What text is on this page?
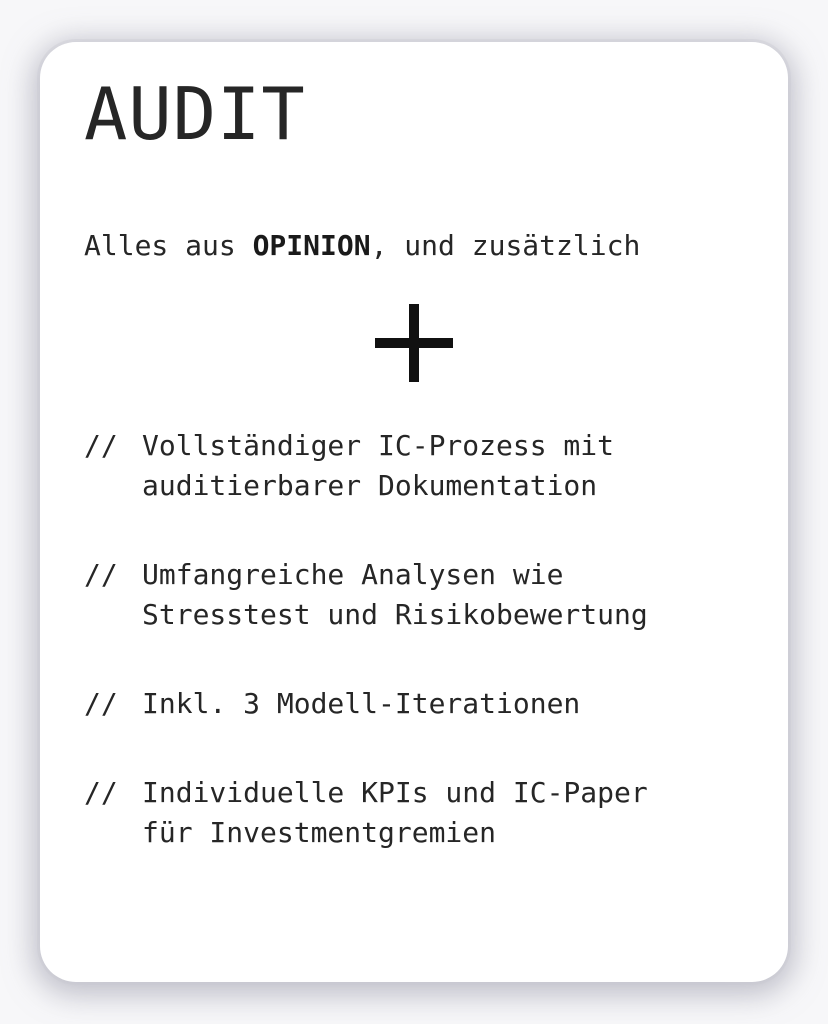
AUDIT
Alles aus OPINION, und zusätzlich
// Vollständiger IC-Prozess mit
auditierbarer Dokumentation
// Umfangreiche Analysen wie
Stresstest und Risikobewertung
// Inkl. 3 Modell-Iterationen
// Individuelle KPIs und IC-Paper
für Investmentgremien
